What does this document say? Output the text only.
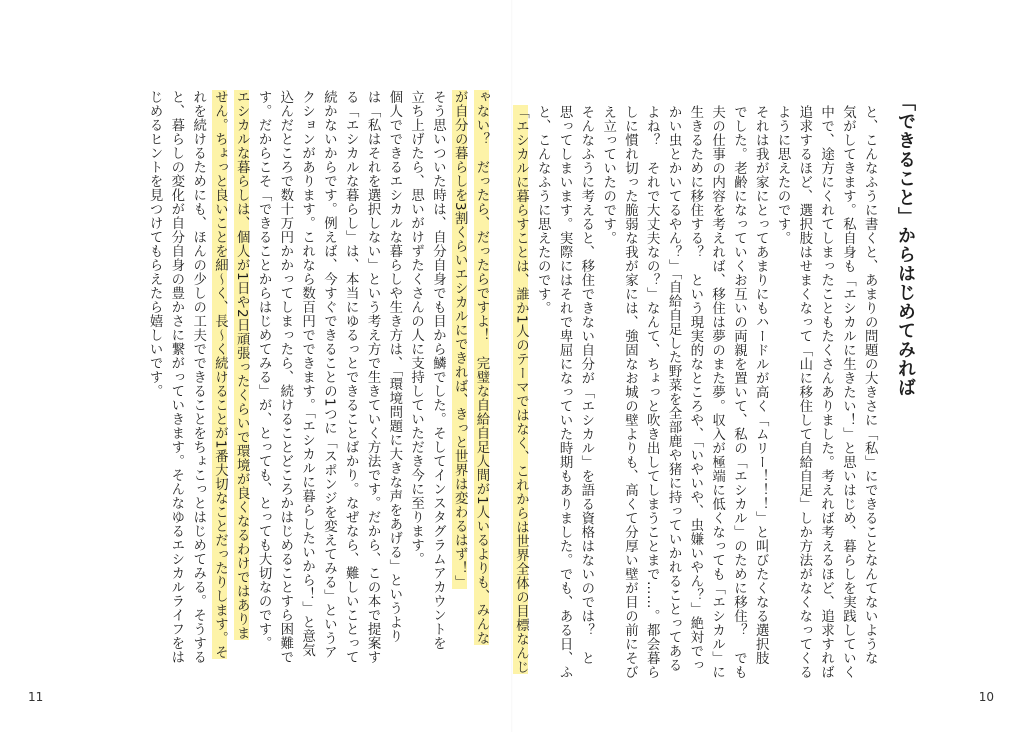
「できること」からはじめてみれば

と、こんなふうに書くと、あまりの問題の大きさに「私」にできることなんてないような

気がしてきます。私自身も「エシカルに生きたい！」と思いはじめ、暮らしを実践していく

中で、途方にくれてしまったこともたくさんありました。考えれば考えるほど、追求すれば

追求するほど、選択肢はせまくなって「山に移住して自給自足」しか方法がなくなってくる

ように思えたのです。

それは我が家にとってあまりにもハードルが高く「ムリー！！！」と叫びたくなる選択肢

でした。老齢になっていくお互いの両親を置いて、私の「エシカル」のために移住？　でも

夫の仕事の内容を考えれば、移住は夢のまた夢。収入が極端に低くなっても「エシカル」に

生きるために移住する？　という現実的なところや、「いやいや、虫嫌いやん？」絶対でっ

かい虫とかいてるやん？」「自給自足した野菜を全部鹿や猪に持っていかれることってある

よね？　それで大丈夫なの？」なんて、ちょっと吹き出してしまうことまで……。都会暮ら

しに慣れ切った脆弱な我が家には、強固なお城の壁よりも、高くて分厚い壁が目の前にそび

え立っていたのです。

そんなふうに考えると、移住できない自分が「エシカル」を語る資格はないのでは？　と

思ってしまいます。実際にはそれで卑屈になっていた時期もありました。でも、ある日、ふ

と、こんなふうに思えたのです。

「エシカルに暮らすことは、誰か1人のテーマではなく、これからは世界全体の目標なんじ

ゃない？　だったら、だったらですよ！　完璧な自給自足人間が1人いるよりも、みんな

が自分の暮らしを3割くらいエシカルにできれば、きっと世界は変わるはず！」

そう思いついた時は、自分自身でも目から鱗でした。そしてインスタグラムアカウントを

立ち上げたら、思いがけずたくさんの人に支持していただき今に至ります。

個人でできるエシカルな暮らしや生き方は、「環境問題に大きな声をあげる」というより

は「私はそれを選択しない」という考え方で生きていく方法です。だから、この本で提案す

る「エシカルな暮らし」は、本当にゆるっとできることばかり。なぜなら、難しいことって

続かないからです。例えば、今すぐできることの1つに「スポンジを変えてみる」というア

クションがあります。これなら数百円でできます。「エシカルに暮らしたいから！」と意気

込んだところで数十万円かかってしまったら、続けることどころかはじめることすら困難で

す。だからこそ「できることからはじめてみる」が、とっても、とっても大切なのです。

エシカルな暮らしは、個人が1日や2日頑張ったくらいで環境が良くなるわけではありま

せん。ちょっと良いことを細〜く、長〜く続けることが1番大切なことだったりします。そ

れを続けるためにも、ほんの少しの工夫でできることをちょこっとはじめてみる。そうする

と、暮らしの変化が自分自身の豊かさに繋がっていきます。そんなゆるエシカルライフをは

じめるヒントを見つけてもらえたら嬉しいです。

11	10
